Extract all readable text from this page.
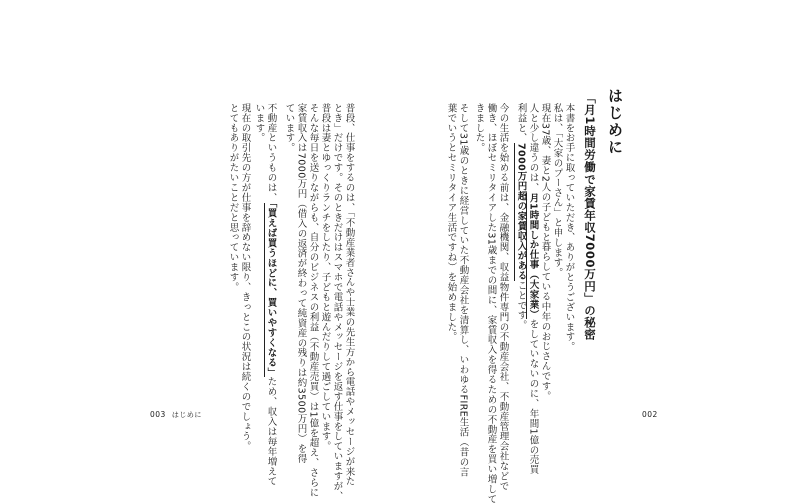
はじめに
「月1時間労働で家賃年収7000万円」の秘密
本書をお手に取っていただき、ありがとうございます。
私は、「大家のプーさん」と申します。
現在37歳、妻と2人の子どもと暮らしている中年のおじさんです。
人と少し違うのは、月1時間しか仕事（大家業）をしていないのに、年間1億の売買
利益と、7000万円超の家賃収入があることです。
今の生活を始める前は、金融機関、収益物件専門の不動産会社、不動産管理会社などで
働き、ほぼセミリタイアした31歳までの間に、家賃収入を得るための不動産を買い増して
きました。
そして31歳のときに経営していた不動産会社を清算し、いわゆるFIRE生活（昔の言
葉でいうとセミリタイア生活ですね）を始めました。
002
普段、仕事をするのは、「不動産業者さんや士業の先生方から電話やメッセージが来た
とき」だけです。そのときだけはスマホで電話やメッセージを返す仕事をしていますが、
普段は妻とゆっくりランチをしたり、子どもと遊んだりして過ごしています。
そんな毎日を送りながらも、自分のビジネスの利益（不動産売買）は1億を超え、さらに
家賃収入は7000万円（借入の返済が終わって純資産の残りは約3500万円）を得
ています。
不動産というものは、「買えば買うほどに、買いやすくなる」ため、収入は毎年増えて
います。
現在の取引先の方が仕事を辞めない限り、きっとこの状況は続くのでしょう。
とてもありがたいことだと思っています。
003 はじめに
